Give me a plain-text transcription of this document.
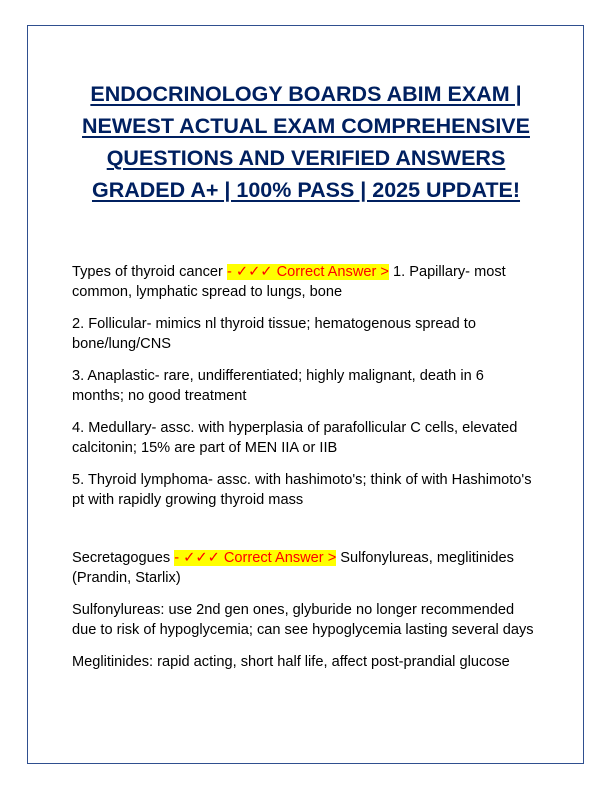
ENDOCRINOLOGY BOARDS ABIM EXAM |
NEWEST ACTUAL EXAM COMPREHENSIVE
QUESTIONS AND VERIFIED ANSWERS
GRADED A+ | 100% PASS | 2025 UPDATE!

Types of thyroid cancer - ✓✓✓ Correct Answer > 1. Papillary- most
common, lymphatic spread to lungs, bone

2. Follicular- mimics nl thyroid tissue; hematogenous spread to
bone/lung/CNS

3. Anaplastic- rare, undifferentiated; highly malignant, death in 6
months; no good treatment

4. Medullary- assc. with hyperplasia of parafollicular C cells, elevated
calcitonin; 15% are part of MEN IIA or IIB

5. Thyroid lymphoma- assc. with hashimoto's; think of with Hashimoto's
pt with rapidly growing thyroid mass

Secretagogues - ✓✓✓ Correct Answer > Sulfonylureas, meglitinides
(Prandin, Starlix)

Sulfonylureas: use 2nd gen ones, glyburide no longer recommended
due to risk of hypoglycemia; can see hypoglycemia lasting several days

Meglitinides: rapid acting, short half life, affect post-prandial glucose
